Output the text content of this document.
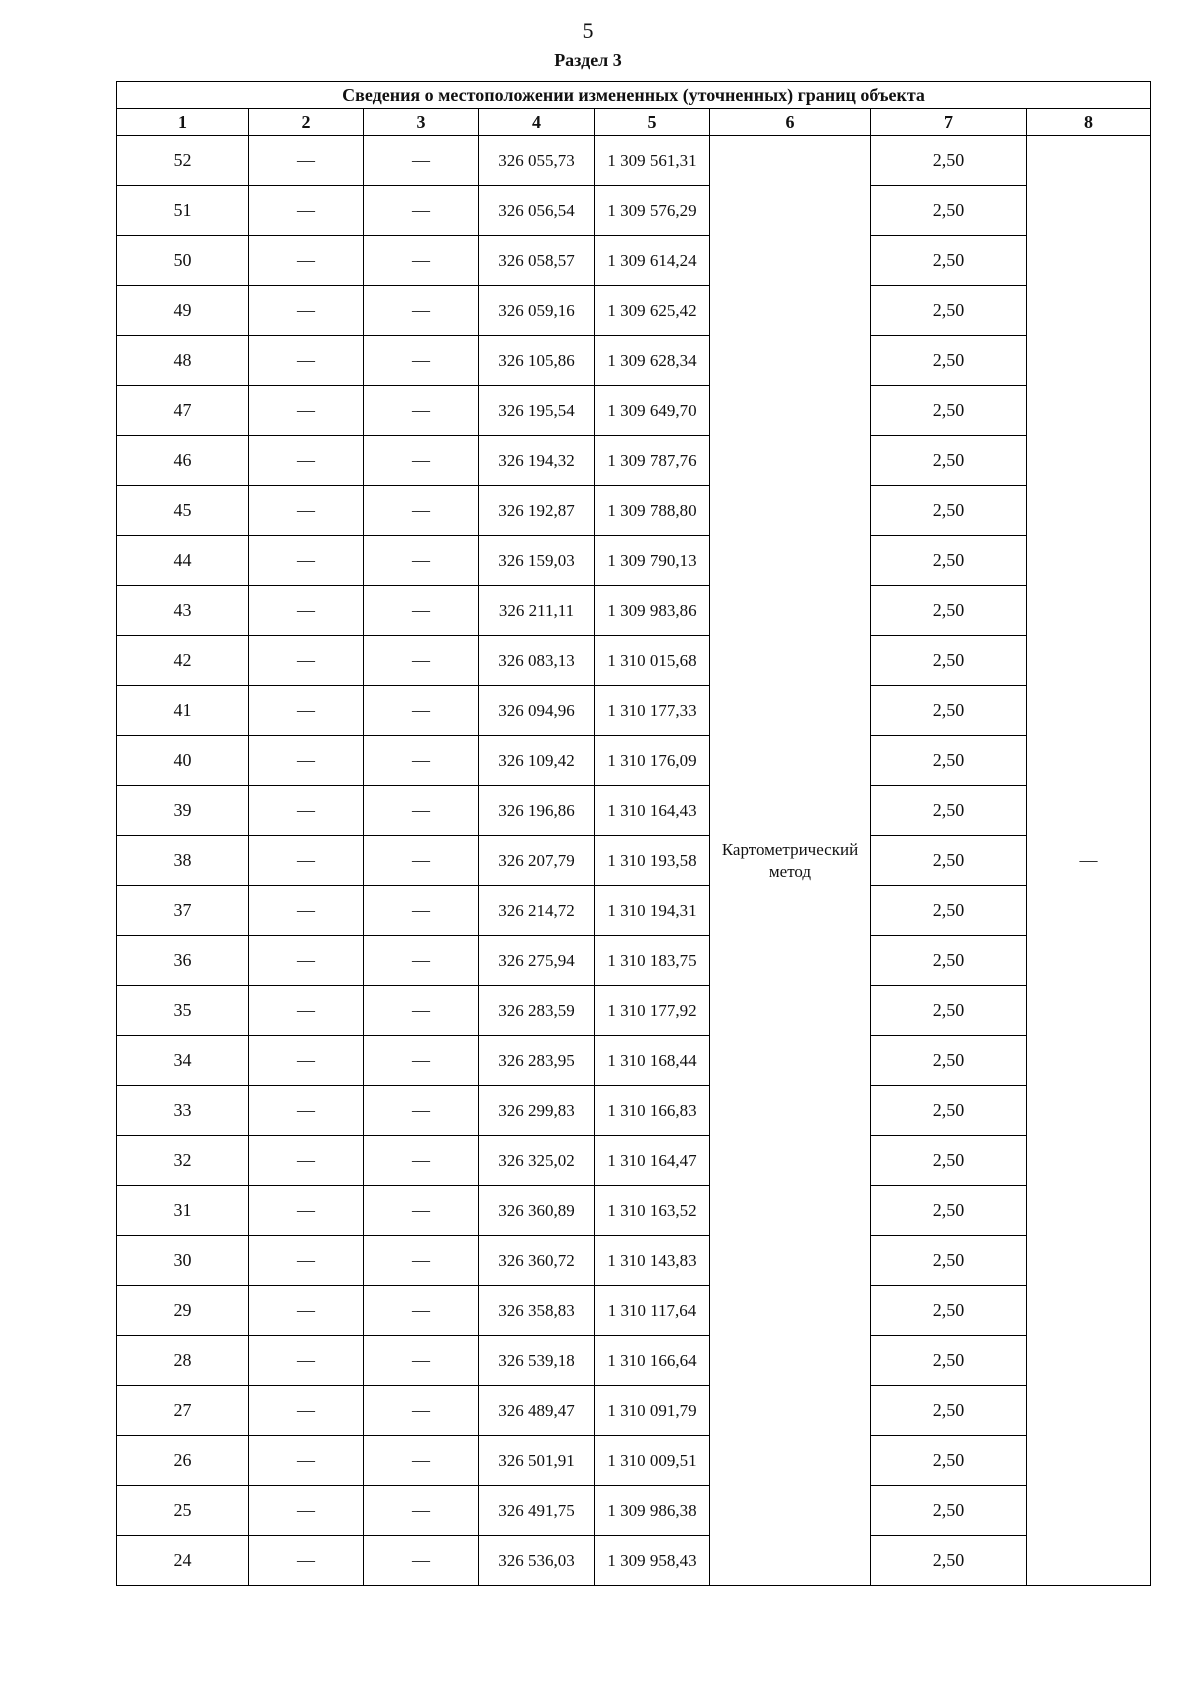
5
Раздел 3
Сведения о местоположении измененных (уточненных) границ объекта							
1	2	3	4	5	6	7	8
52	—	—	326 055,73	1 309 561,31	Картометрический метод	2,50	—
51	—	—	326 056,54	1 309 576,29		2,50	
50	—	—	326 058,57	1 309 614,24		2,50	
49	—	—	326 059,16	1 309 625,42		2,50	
48	—	—	326 105,86	1 309 628,34		2,50	
47	—	—	326 195,54	1 309 649,70		2,50	
46	—	—	326 194,32	1 309 787,76		2,50	
45	—	—	326 192,87	1 309 788,80		2,50	
44	—	—	326 159,03	1 309 790,13		2,50	
43	—	—	326 211,11	1 309 983,86		2,50	
42	—	—	326 083,13	1 310 015,68		2,50	
41	—	—	326 094,96	1 310 177,33		2,50	
40	—	—	326 109,42	1 310 176,09		2,50	
39	—	—	326 196,86	1 310 164,43		2,50	
38	—	—	326 207,79	1 310 193,58		2,50	
37	—	—	326 214,72	1 310 194,31		2,50	
36	—	—	326 275,94	1 310 183,75		2,50	
35	—	—	326 283,59	1 310 177,92		2,50	
34	—	—	326 283,95	1 310 168,44		2,50	
33	—	—	326 299,83	1 310 166,83		2,50	
32	—	—	326 325,02	1 310 164,47		2,50	
31	—	—	326 360,89	1 310 163,52		2,50	
30	—	—	326 360,72	1 310 143,83		2,50	
29	—	—	326 358,83	1 310 117,64		2,50	
28	—	—	326 539,18	1 310 166,64		2,50	
27	—	—	326 489,47	1 310 091,79		2,50	
26	—	—	326 501,91	1 310 009,51		2,50	
25	—	—	326 491,75	1 309 986,38		2,50	
24	—	—	326 536,03	1 309 958,43		2,50	
